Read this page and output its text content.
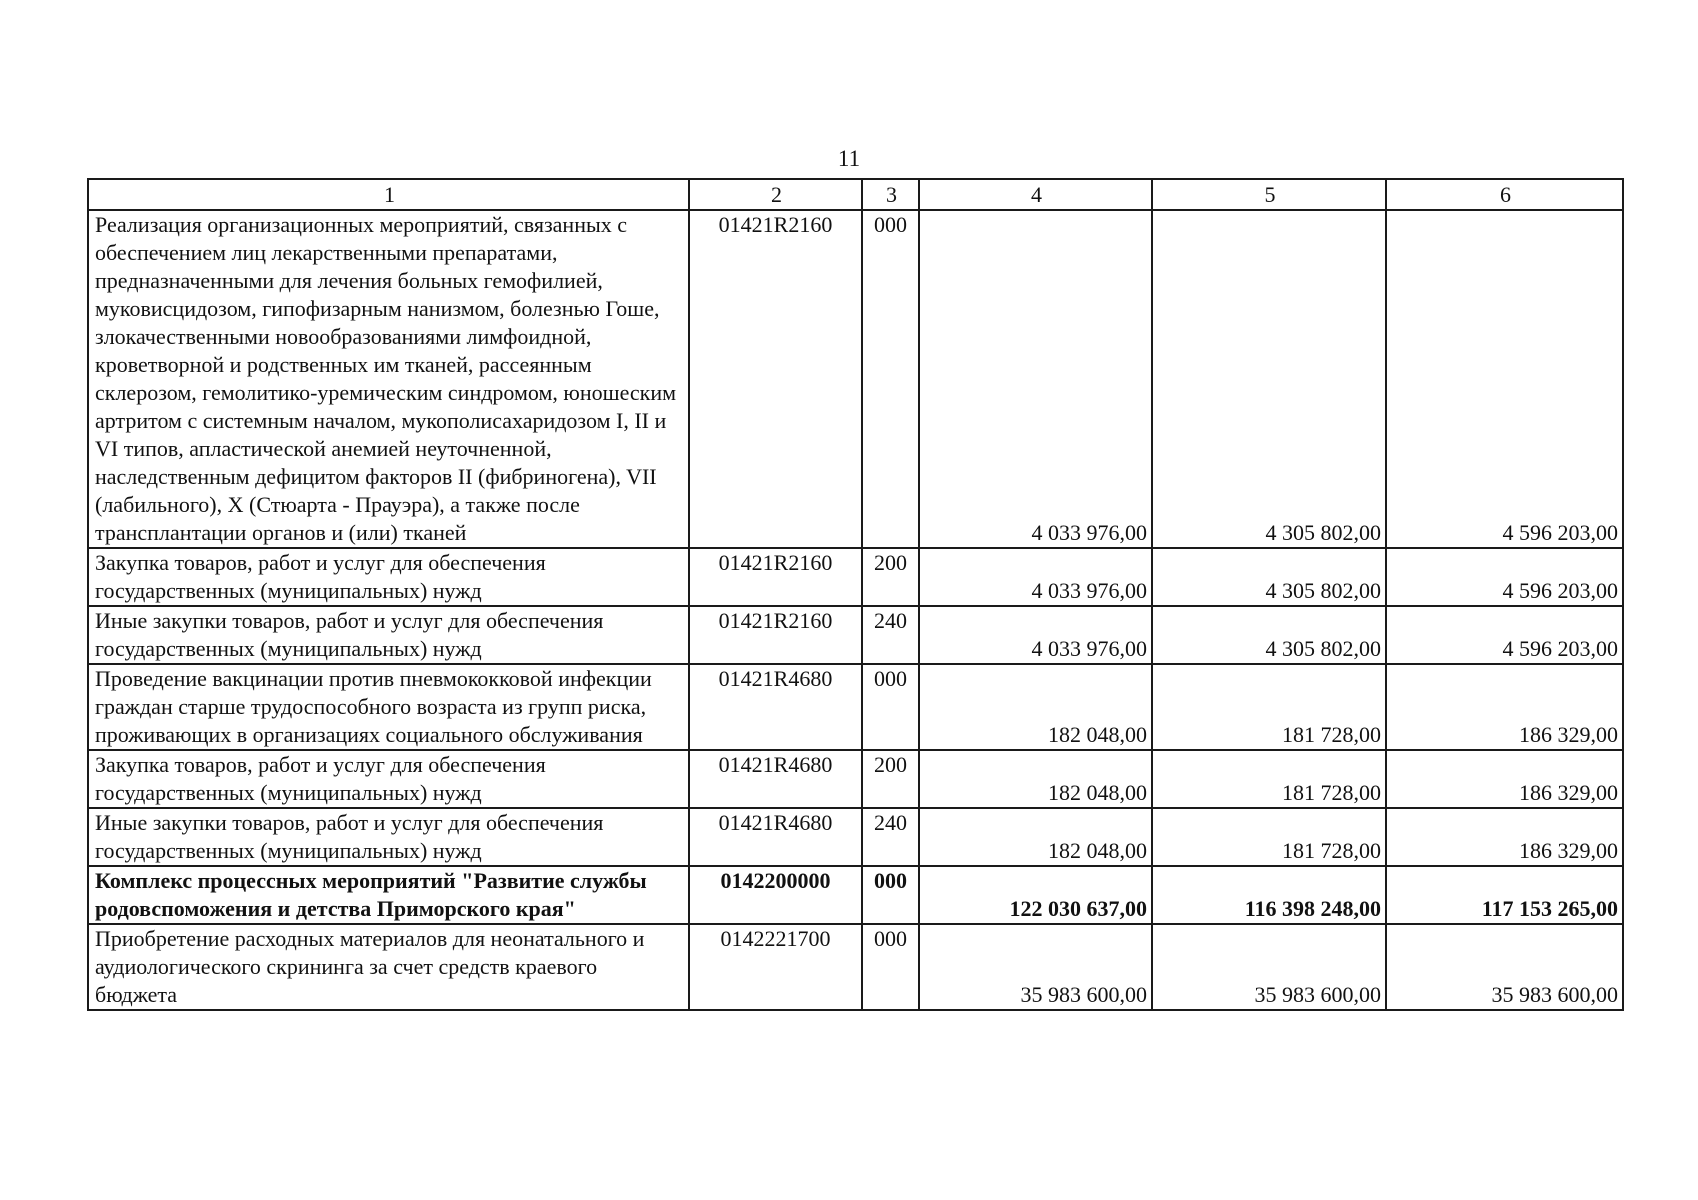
11
1	2	3	4	5	6
Реализация организационных мероприятий, связанных с обеспечением лиц лекарственными препаратами, предназначенными для лечения больных гемофилией, муковисцидозом, гипофизарным нанизмом, болезнью Гоше, злокачественными новообразованиями лимфоидной, кроветворной и родственных им тканей, рассеянным склерозом, гемолитико-уремическим синдромом, юношеским артритом с системным началом, мукополисахаридозом I, II и VI типов, апластической анемией неуточненной, наследственным дефицитом факторов II (фибриногена), VII (лабильного), X (Стюарта - Прауэра), а также после трансплантации органов и (или) тканей	01421R2160	000	4 033 976,00	4 305 802,00	4 596 203,00
Закупка товаров, работ и услуг для обеспечения государственных (муниципальных) нужд	01421R2160	200	4 033 976,00	4 305 802,00	4 596 203,00
Иные закупки товаров, работ и услуг для обеспечения государственных (муниципальных) нужд	01421R2160	240	4 033 976,00	4 305 802,00	4 596 203,00
Проведение вакцинации против пневмококковой инфекции граждан старше трудоспособного возраста из групп риска, проживающих в организациях социального обслуживания	01421R4680	000	182 048,00	181 728,00	186 329,00
Закупка товаров, работ и услуг для обеспечения государственных (муниципальных) нужд	01421R4680	200	182 048,00	181 728,00	186 329,00
Иные закупки товаров, работ и услуг для обеспечения государственных (муниципальных) нужд	01421R4680	240	182 048,00	181 728,00	186 329,00
Комплекс процессных мероприятий "Развитие службы родовспоможения и детства Приморского края"	0142200000	000	122 030 637,00	116 398 248,00	117 153 265,00
Приобретение расходных материалов для неонатального и аудиологического скрининга за счет средств краевого бюджета	0142221700	000	35 983 600,00	35 983 600,00	35 983 600,00
